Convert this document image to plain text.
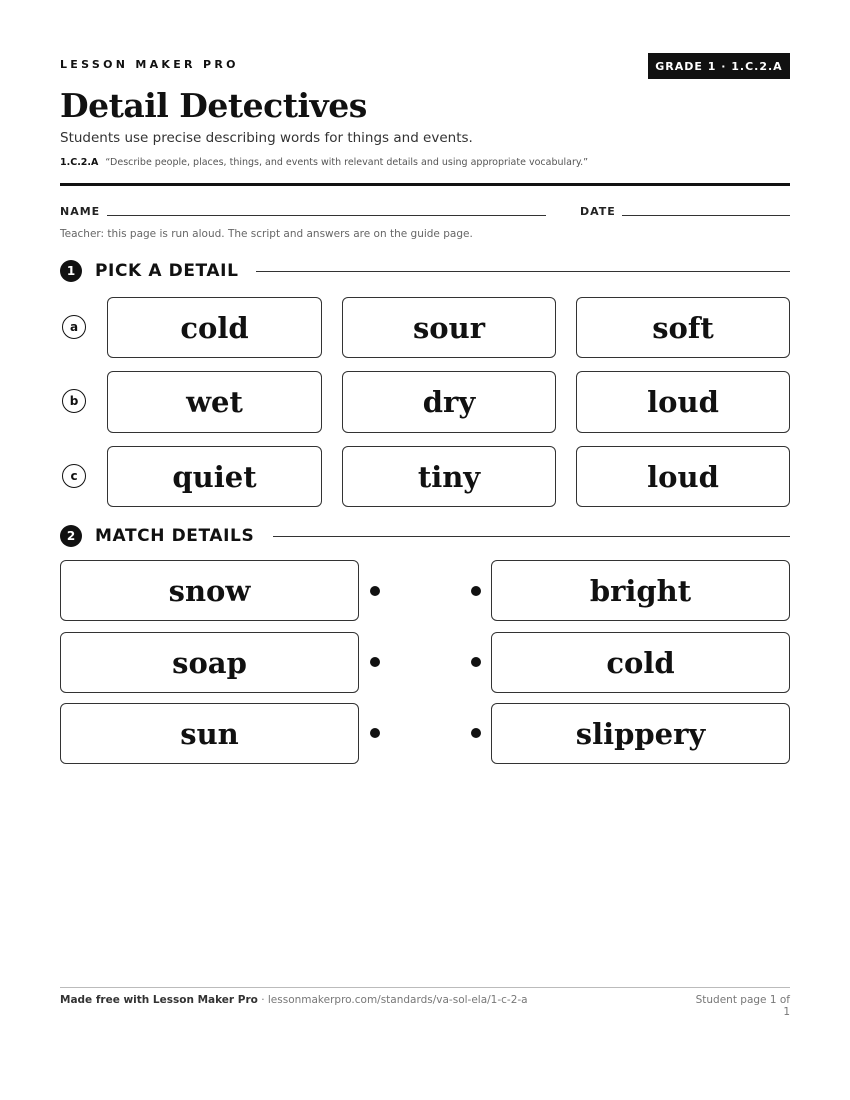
LESSON MAKER PRO	GRADE 1 · 1.C.2.A
Detail Detectives
Students use precise describing words for things and events.
1.C.2.A “Describe people, places, things, and events with relevant details and using appropriate vocabulary.”
NAME	DATE
Teacher: this page is run aloud. The script and answers are on the guide page.
1	PICK A DETAIL
a	cold	sour	soft
b	wet	dry	loud
c	quiet	tiny	loud
2	MATCH DETAILS
snow	bright
soap	cold
sun	slippery
Made free with Lesson Maker Pro · lessonmakerpro.com/standards/va-sol-ela/1-c-2-a	Student page 1 of 1
